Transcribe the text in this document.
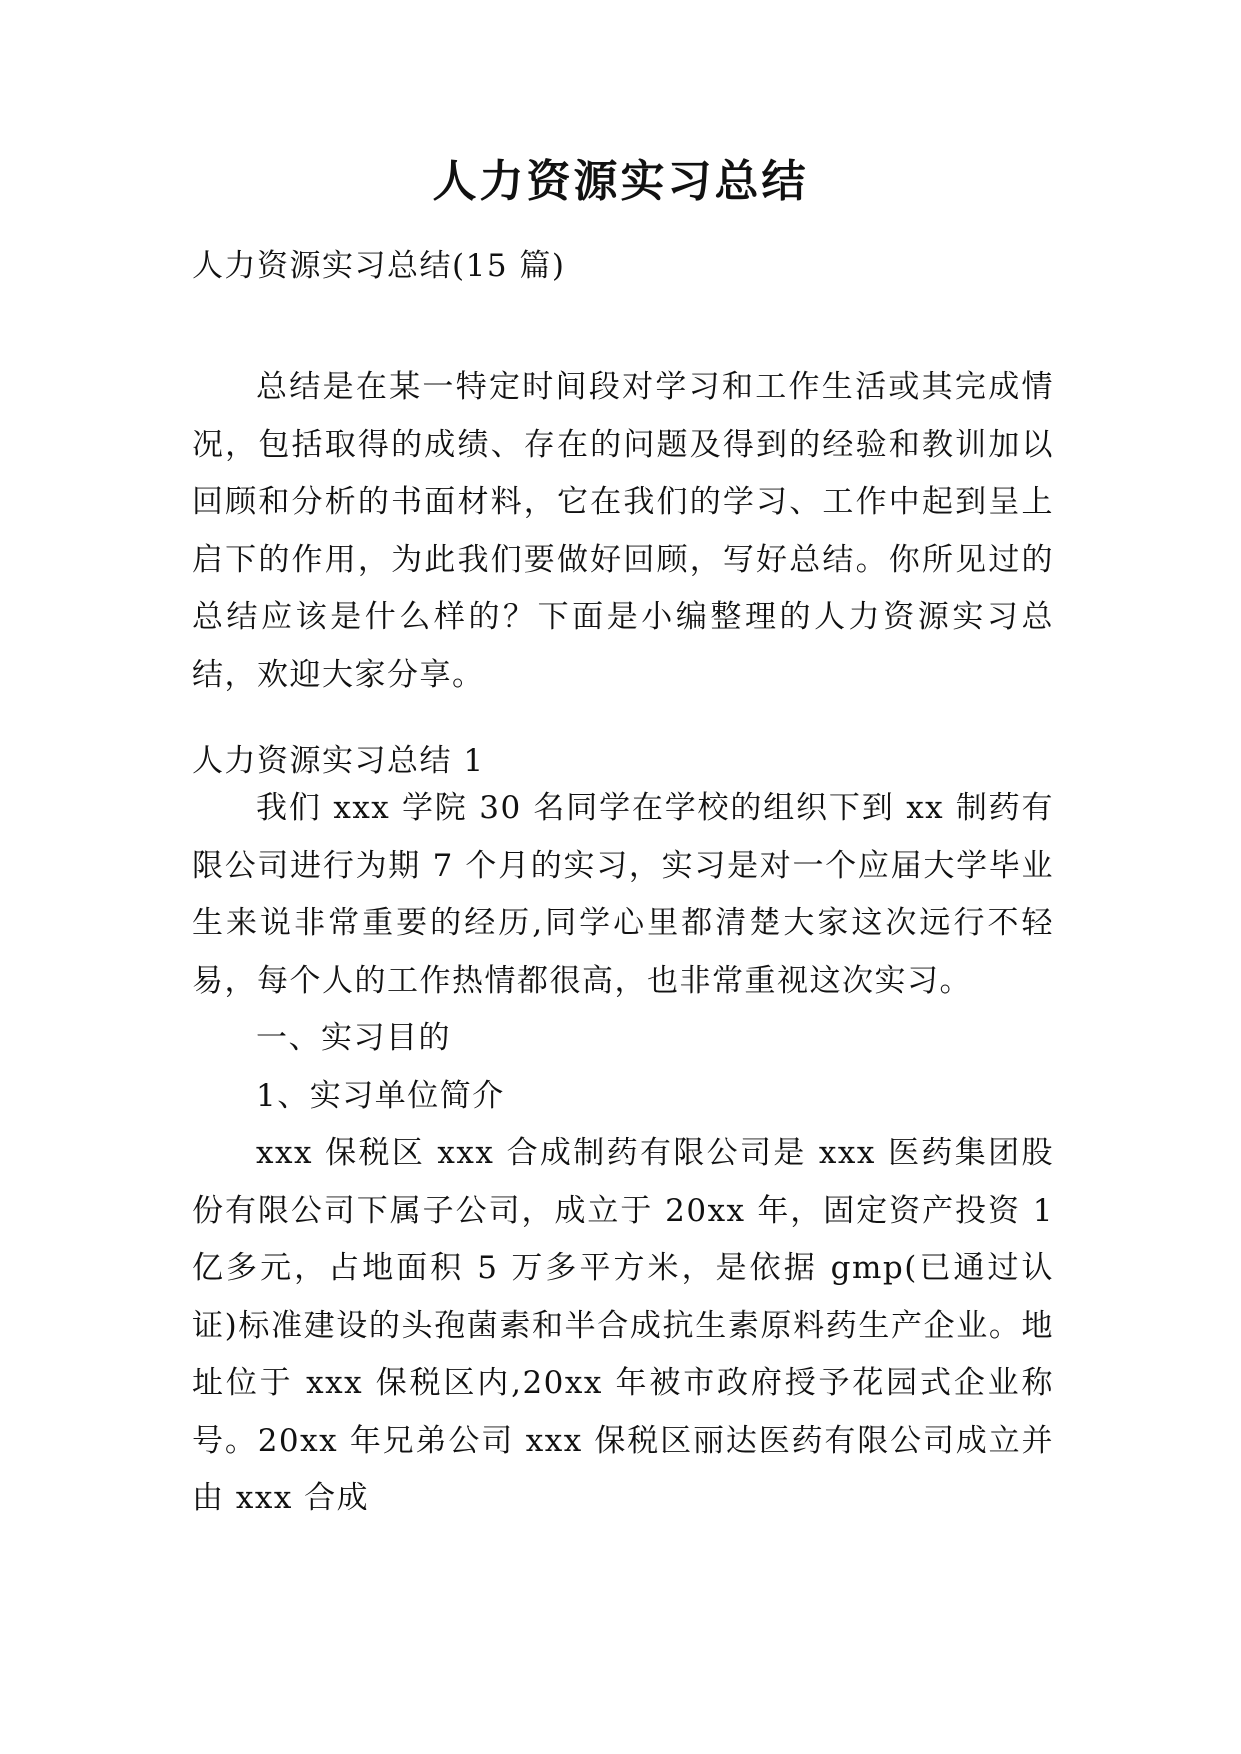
人力资源实习总结
人力资源实习总结(15 篇)

总结是在某一特定时间段对学习和工作生活或其完成情况，包括取得的成绩、存在的问题及得到的经验和教训加以回顾和分析的书面材料，它在我们的学习、工作中起到呈上启下的作用，为此我们要做好回顾，写好总结。你所见过的总结应该是什么样的？下面是小编整理的人力资源实习总结，欢迎大家分享。

人力资源实习总结 1

我们 xxx 学院 30 名同学在学校的组织下到 xx 制药有限公司进行为期 7 个月的实习，实习是对一个应届大学毕业生来说非常重要的经历,同学心里都清楚大家这次远行不轻易，每个人的工作热情都很高，也非常重视这次实习。

一、实习目的

1、实习单位简介

xxx 保税区 xxx 合成制药有限公司是 xxx 医药集团股份有限公司下属子公司，成立于 20xx 年，固定资产投资 1 亿多元，占地面积 5 万多平方米，是依据 gmp(已通过认证)标准建设的头孢菌素和半合成抗生素原料药生产企业。地址位于 xxx 保税区内,20xx 年被市政府授予花园式企业称号。20xx 年兄弟公司 xxx 保税区丽达医药有限公司成立并由 xxx 合成
